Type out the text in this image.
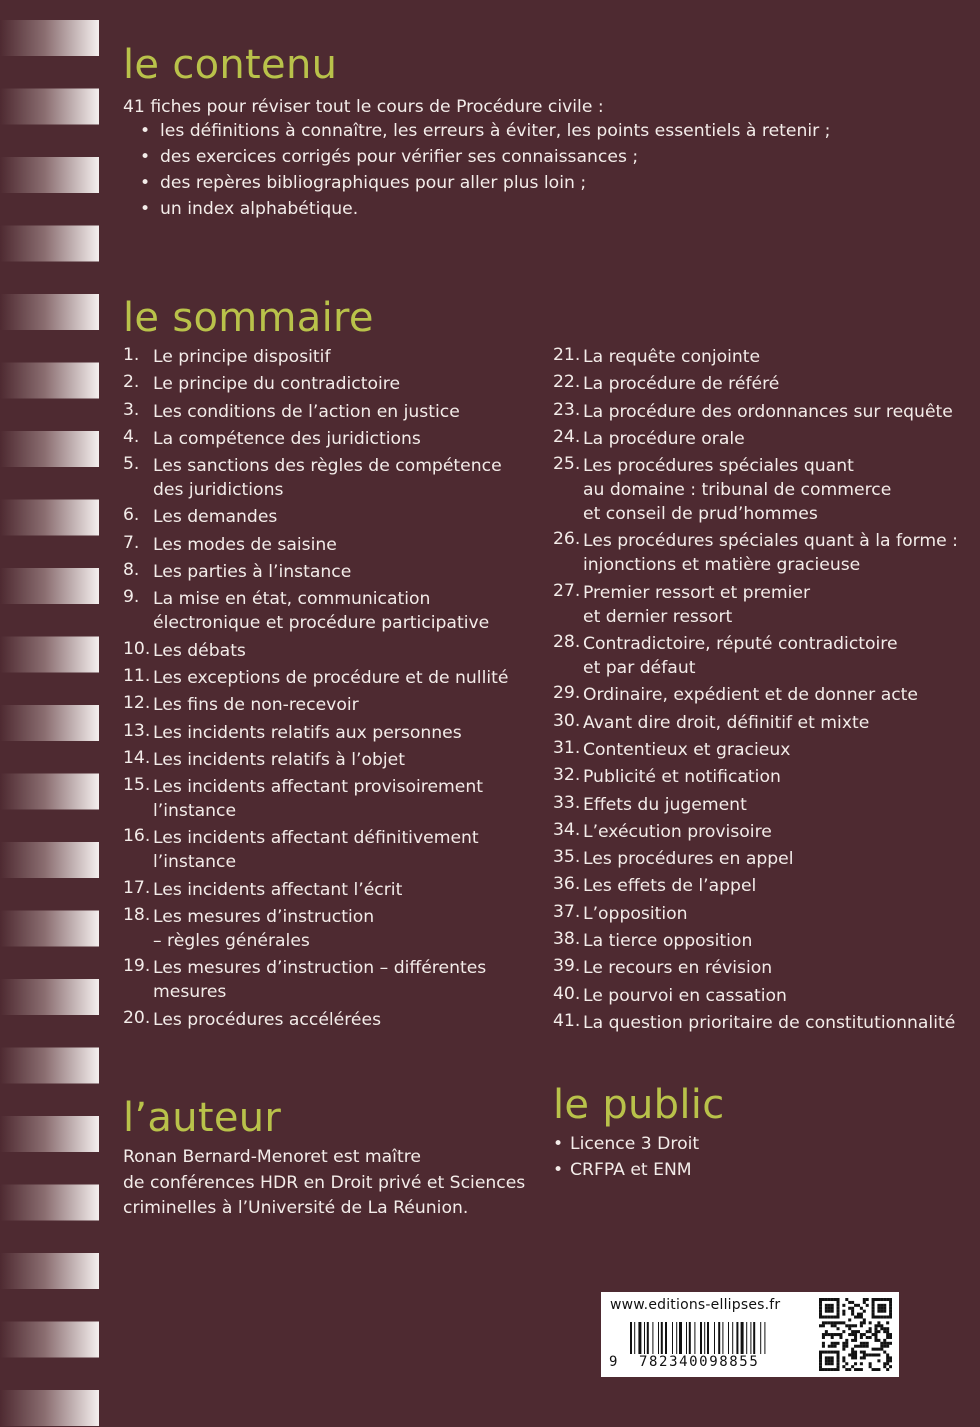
le contenu
41 fiches pour réviser tout le cours de Procédure civile :
• les définitions à connaître, les erreurs à éviter, les points essentiels à retenir ;
• des exercices corrigés pour vérifier ses connaissances ;
• des repères bibliographiques pour aller plus loin ;
• un index alphabétique.
le sommaire
1. Le principe dispositif
2. Le principe du contradictoire
3. Les conditions de l’action en justice
4. La compétence des juridictions
5. Les sanctions des règles de compétence
des juridictions
6. Les demandes
7. Les modes de saisine
8. Les parties à l’instance
9. La mise en état, communication
électronique et procédure participative
10. Les débats
11. Les exceptions de procédure et de nullité
12. Les fins de non-recevoir
13. Les incidents relatifs aux personnes
14. Les incidents relatifs à l’objet
15. Les incidents affectant provisoirement
l’instance
16. Les incidents affectant définitivement
l’instance
17. Les incidents affectant l’écrit
18. Les mesures d’instruction
– règles générales
19. Les mesures d’instruction – différentes
mesures
20. Les procédures accélérées
21. La requête conjointe
22. La procédure de référé
23. La procédure des ordonnances sur requête
24. La procédure orale
25. Les procédures spéciales quant
au domaine : tribunal de commerce
et conseil de prud’hommes
26. Les procédures spéciales quant à la forme :
injonctions et matière gracieuse
27. Premier ressort et premier
et dernier ressort
28. Contradictoire, réputé contradictoire
et par défaut
29. Ordinaire, expédient et de donner acte
30. Avant dire droit, définitif et mixte
31. Contentieux et gracieux
32. Publicité et notification
33. Effets du jugement
34. L’exécution provisoire
35. Les procédures en appel
36. Les effets de l’appel
37. L’opposition
38. La tierce opposition
39. Le recours en révision
40. Le pourvoi en cassation
41. La question prioritaire de constitutionnalité
l’auteur
Ronan Bernard-Menoret est maître
de conférences HDR en Droit privé et Sciences
criminelles à l’Université de La Réunion.
le public
• Licence 3 Droit
• CRFPA et ENM
www.editions-ellipses.fr
9 782340098855
